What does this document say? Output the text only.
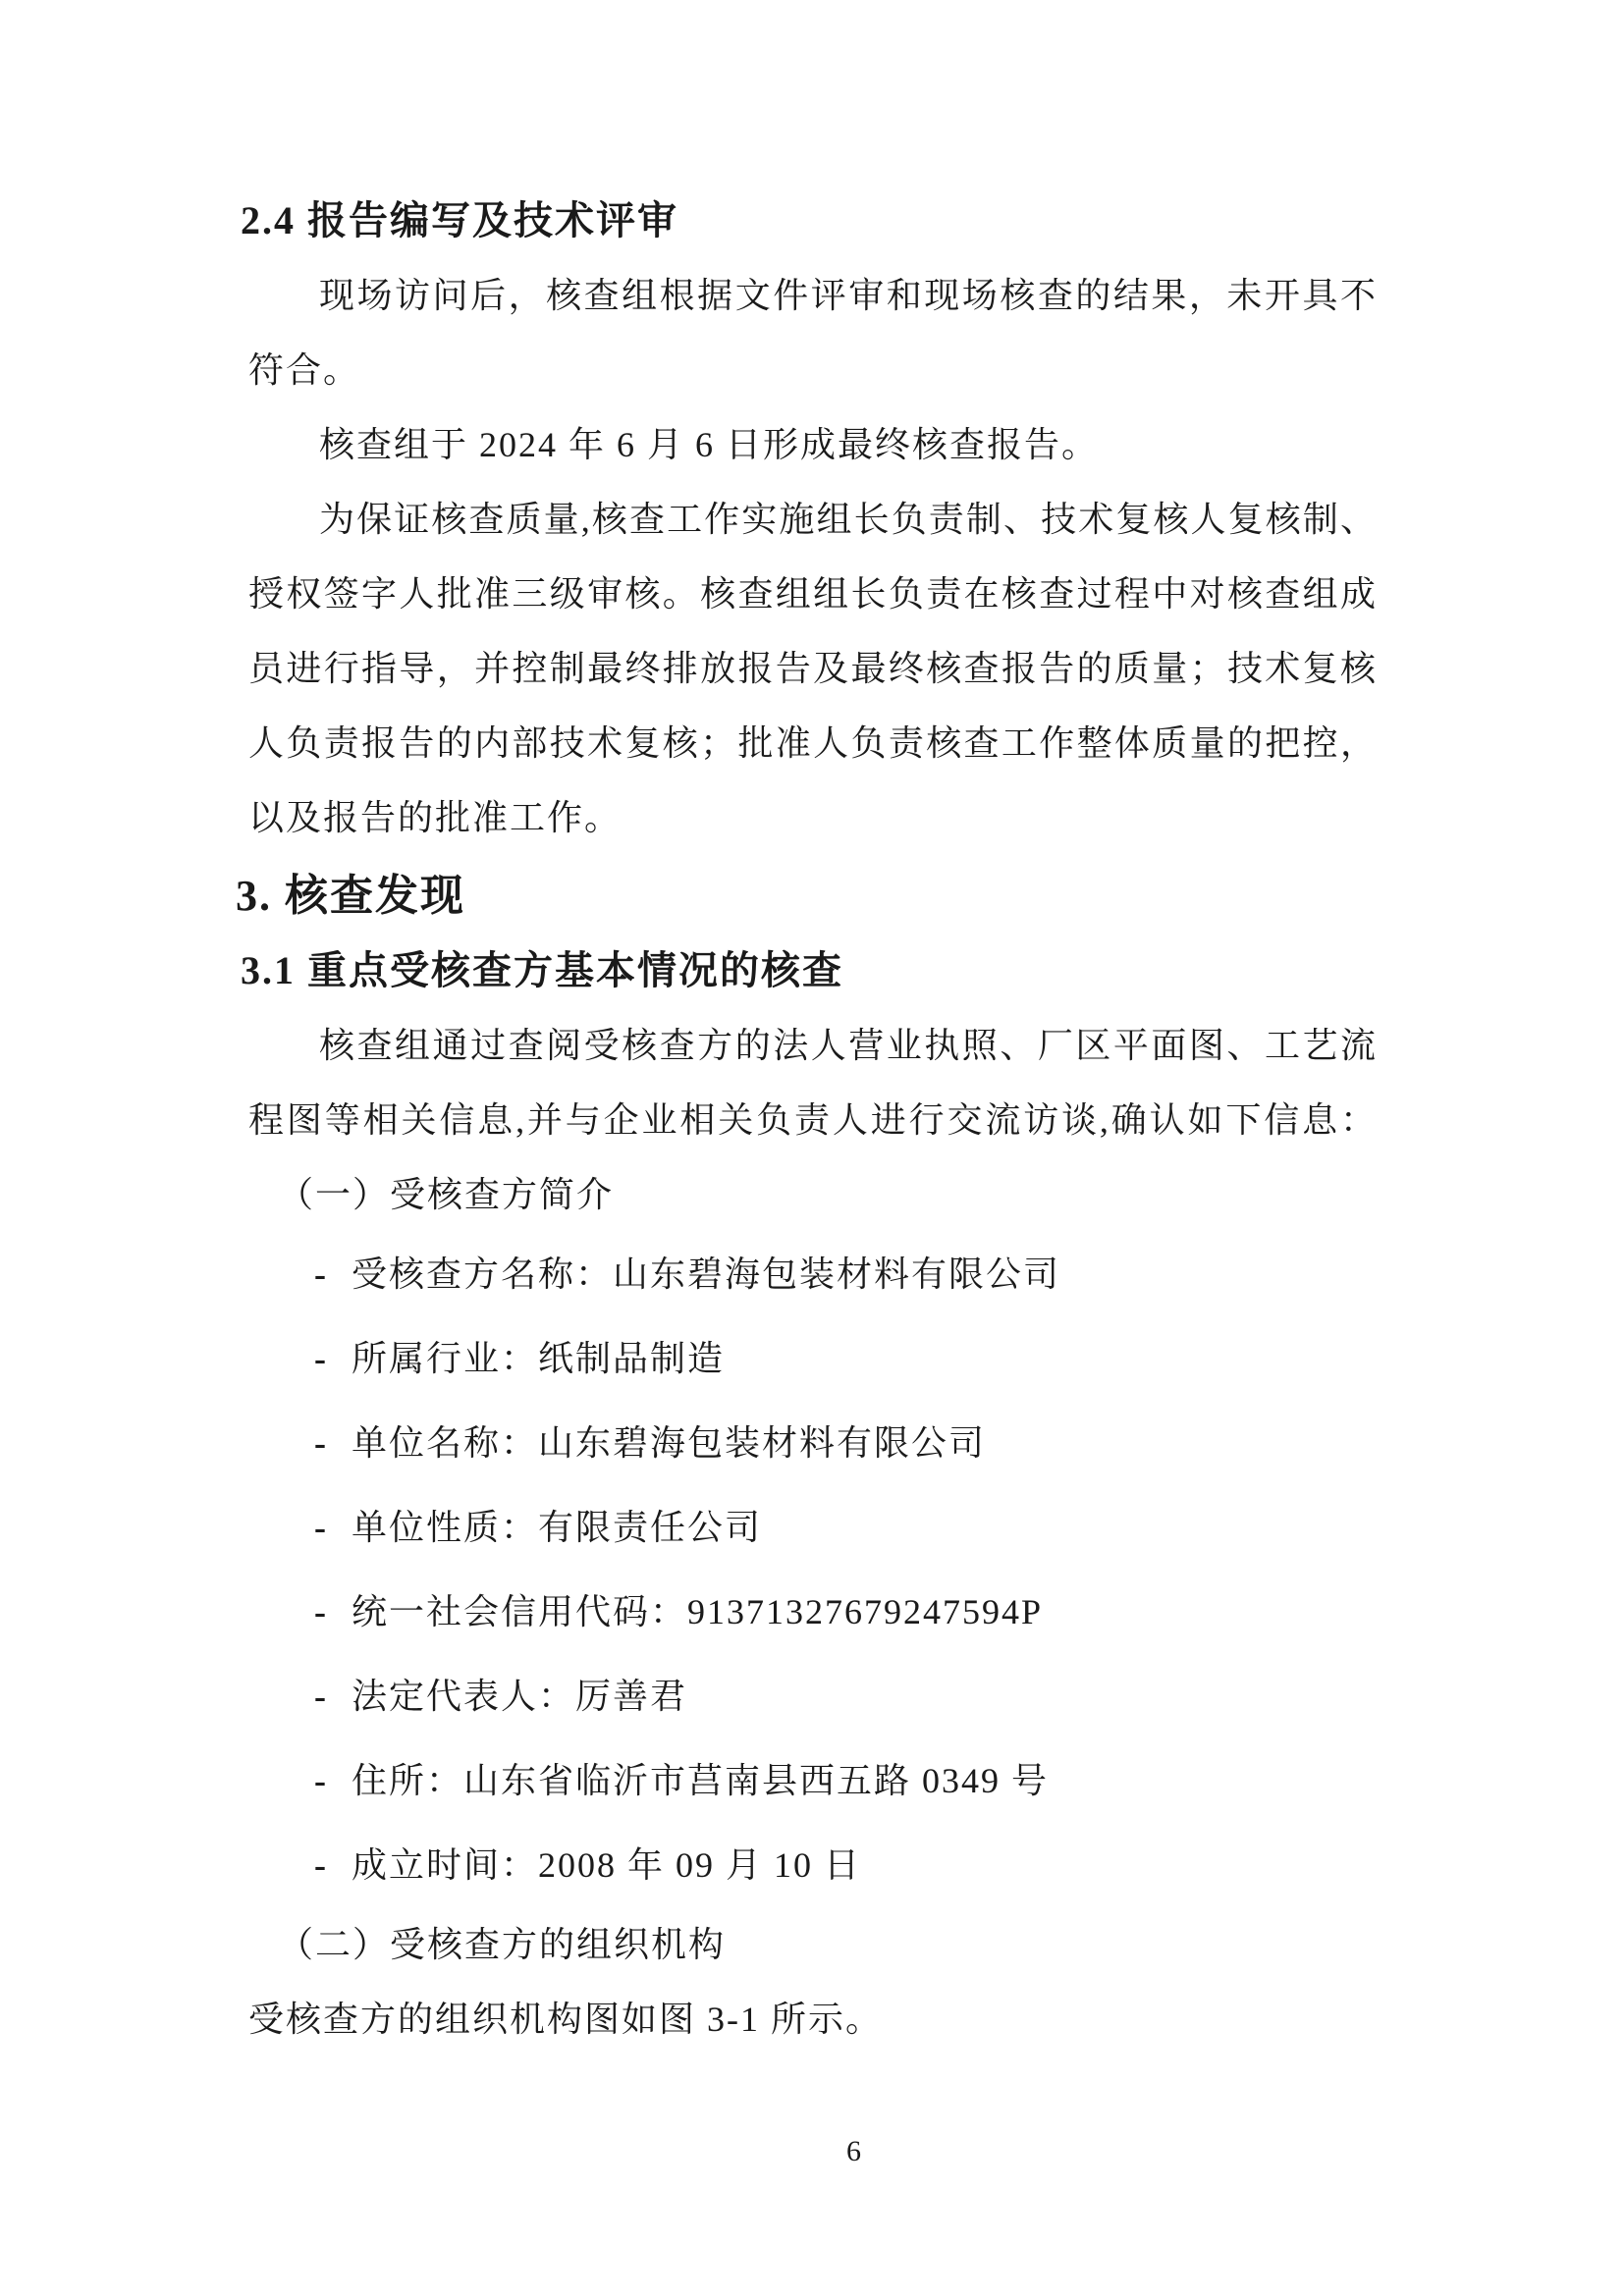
2.4 报告编写及技术评审
现场访问后，核查组根据文件评审和现场核查的结果，未开具不
符合。
核查组于 2024 年 6 月 6 日形成最终核查报告。
为保证核查质量,核查工作实施组长负责制、技术复核人复核制、
授权签字人批准三级审核。核查组组长负责在核查过程中对核查组成
员进行指导，并控制最终排放报告及最终核查报告的质量；技术复核
人负责报告的内部技术复核；批准人负责核查工作整体质量的把控，
以及报告的批准工作。
3. 核查发现
3.1 重点受核查方基本情况的核查
核查组通过查阅受核查方的法人营业执照、厂区平面图、工艺流
程图等相关信息,并与企业相关负责人进行交流访谈,确认如下信息：
（一）受核查方简介
- 受核查方名称：山东碧海包装材料有限公司
- 所属行业：纸制品制造
- 单位名称：山东碧海包装材料有限公司
- 单位性质：有限责任公司
- 统一社会信用代码：91371327679247594P
- 法定代表人：厉善君
- 住所：山东省临沂市莒南县西五路 0349 号
- 成立时间：2008 年 09 月 10 日
（二）受核查方的组织机构
受核查方的组织机构图如图 3-1 所示。
6
